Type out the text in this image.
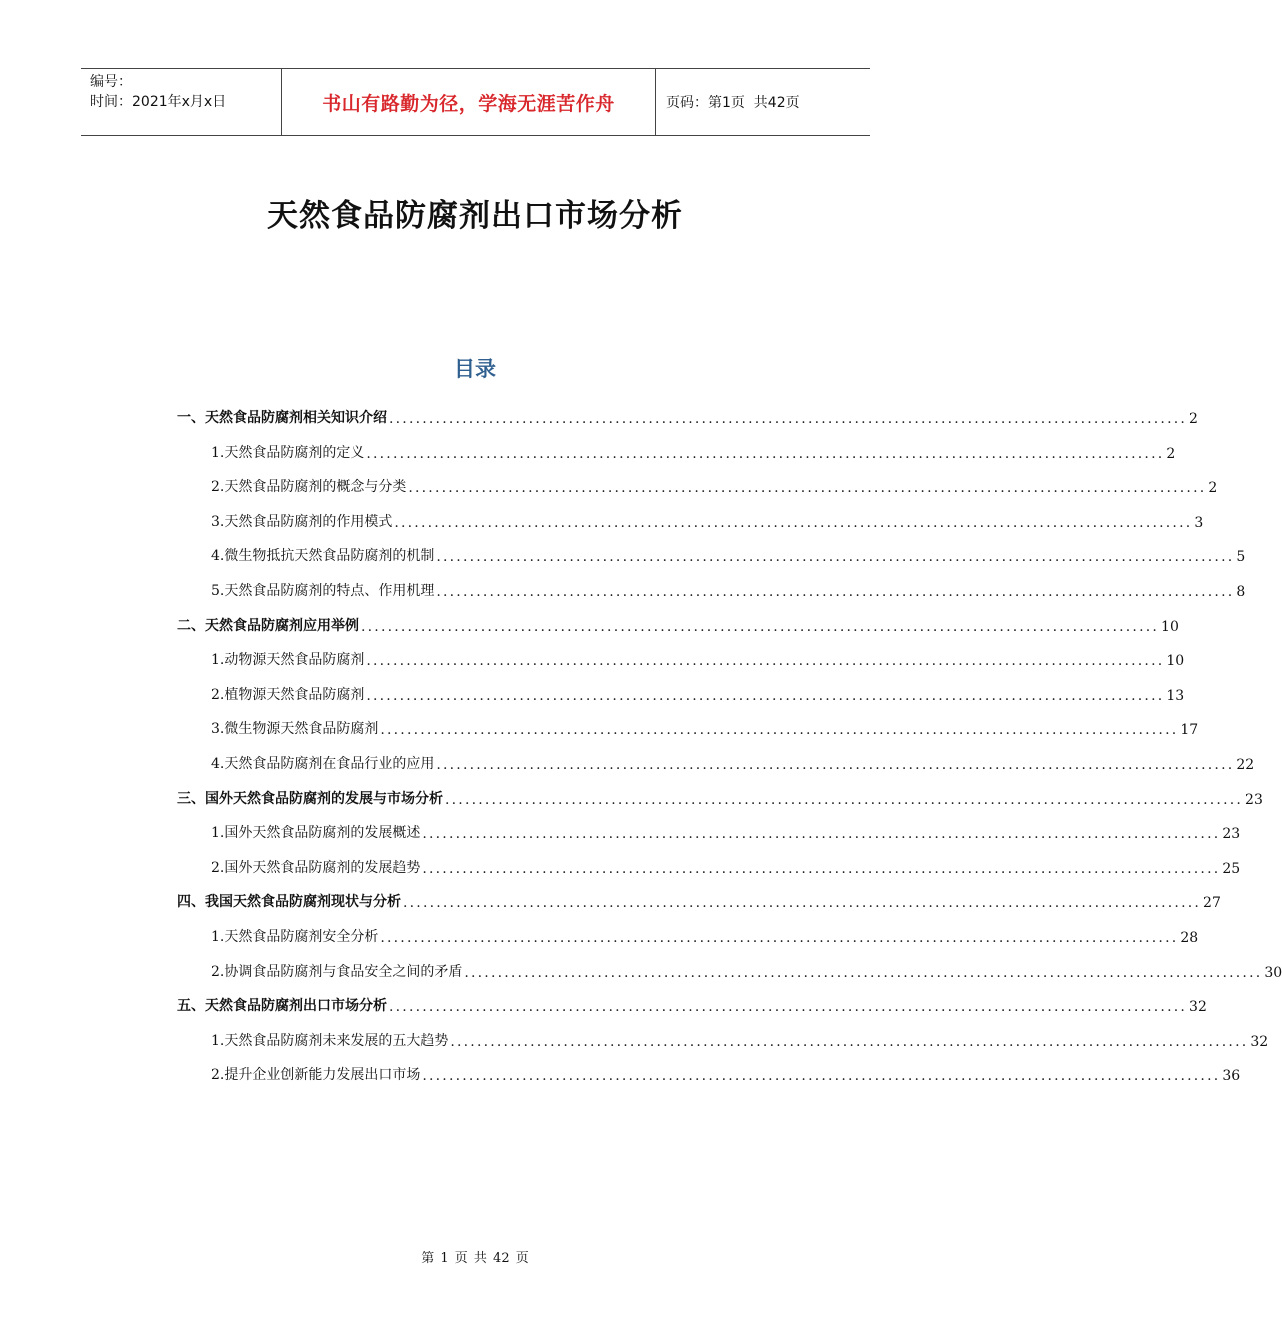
编号：
时间：2021年x月x日	书山有路勤为径，学海无涯苦作舟	页码：第1页  共42页
天然食品防腐剂出口市场分析
目录
一、天然食品防腐剂相关知识介绍 ........................................................................................................................ 2
1.天然食品防腐剂的定义 ........................................................................................................................ 2
2.天然食品防腐剂的概念与分类 ........................................................................................................................ 2
3.天然食品防腐剂的作用模式 ........................................................................................................................ 3
4.微生物抵抗天然食品防腐剂的机制 ........................................................................................................................ 5
5.天然食品防腐剂的特点、作用机理 ........................................................................................................................ 8
二、天然食品防腐剂应用举例 ........................................................................................................................ 10
1.动物源天然食品防腐剂 ........................................................................................................................ 10
2.植物源天然食品防腐剂 ........................................................................................................................ 13
3.微生物源天然食品防腐剂 ........................................................................................................................ 17
4.天然食品防腐剂在食品行业的应用 ........................................................................................................................ 22
三、国外天然食品防腐剂的发展与市场分析 ........................................................................................................................ 23
1.国外天然食品防腐剂的发展概述 ........................................................................................................................ 23
2.国外天然食品防腐剂的发展趋势 ........................................................................................................................ 25
四、我国天然食品防腐剂现状与分析 ........................................................................................................................ 27
1.天然食品防腐剂安全分析 ........................................................................................................................ 28
2.协调食品防腐剂与食品安全之间的矛盾 ........................................................................................................................ 30
五、天然食品防腐剂出口市场分析 ........................................................................................................................ 32
1.天然食品防腐剂未来发展的五大趋势 ........................................................................................................................ 32
2.提升企业创新能力发展出口市场 ........................................................................................................................ 36
第 1 页 共 42 页
